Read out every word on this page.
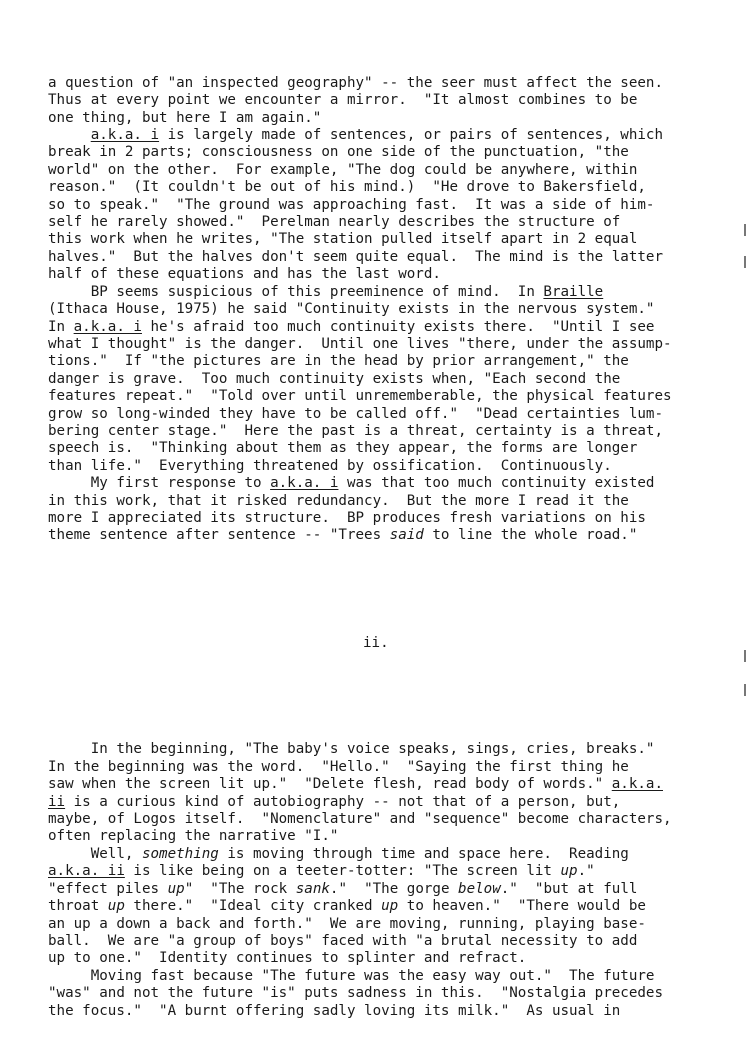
a question of "an inspected geography" -- the seer must affect the seen.

Thus at every point we encounter a mirror.  "It almost combines to be

one thing, but here I am again."

a.k.a. i is largely made of sentences, or pairs of sentences, which

break in 2 parts; consciousness on one side of the punctuation, "the

world" on the other.  For example, "The dog could be anywhere, within

reason."  (It couldn't be out of his mind.)  "He drove to Bakersfield,

so to speak."  "The ground was approaching fast.  It was a side of him-

self he rarely showed."  Perelman nearly describes the structure of

this work when he writes, "The station pulled itself apart in 2 equal

halves."  But the halves don't seem quite equal.  The mind is the latter

half of these equations and has the last word.

BP seems suspicious of this preeminence of mind.  In Braille

(Ithaca House, 1975) he said "Continuity exists in the nervous system."

In a.k.a. i he's afraid too much continuity exists there.  "Until I see

what I thought" is the danger.  Until one lives "there, under the assump-

tions."  If "the pictures are in the head by prior arrangement," the

danger is grave.  Too much continuity exists when, "Each second the

features repeat."  "Told over until unrememberable, the physical features

grow so long-winded they have to be called off."  "Dead certainties lum-

bering center stage."  Here the past is a threat, certainty is a threat,

speech is.  "Thinking about them as they appear, the forms are longer

than life."  Everything threatened by ossification.  Continuously.

My first response to a.k.a. i was that too much continuity existed

in this work, that it risked redundancy.  But the more I read it the

more I appreciated its structure.  BP produces fresh variations on his

theme sentence after sentence -- "Trees said to line the whole road."

ii.

In the beginning, "The baby's voice speaks, sings, cries, breaks."

In the beginning was the word.  "Hello."  "Saying the first thing he

saw when the screen lit up."  "Delete flesh, read body of words." a.k.a.

ii is a curious kind of autobiography -- not that of a person, but,

maybe, of Logos itself.  "Nomenclature" and "sequence" become characters,

often replacing the narrative "I."

Well, something is moving through time and space here.  Reading

a.k.a. ii is like being on a teeter-totter: "The screen lit up."

"effect piles up"  "The rock sank."  "The gorge below."  "but at full

throat up there."  "Ideal city cranked up to heaven."  "There would be

an up a down a back and forth."  We are moving, running, playing base-

ball.  We are "a group of boys" faced with "a brutal necessity to add

up to one."  Identity continues to splinter and refract.

Moving fast because "The future was the easy way out."  The future

"was" and not the future "is" puts sadness in this.  "Nostalgia precedes

the focus."  "A burnt offering sadly loving its milk."  As usual in
